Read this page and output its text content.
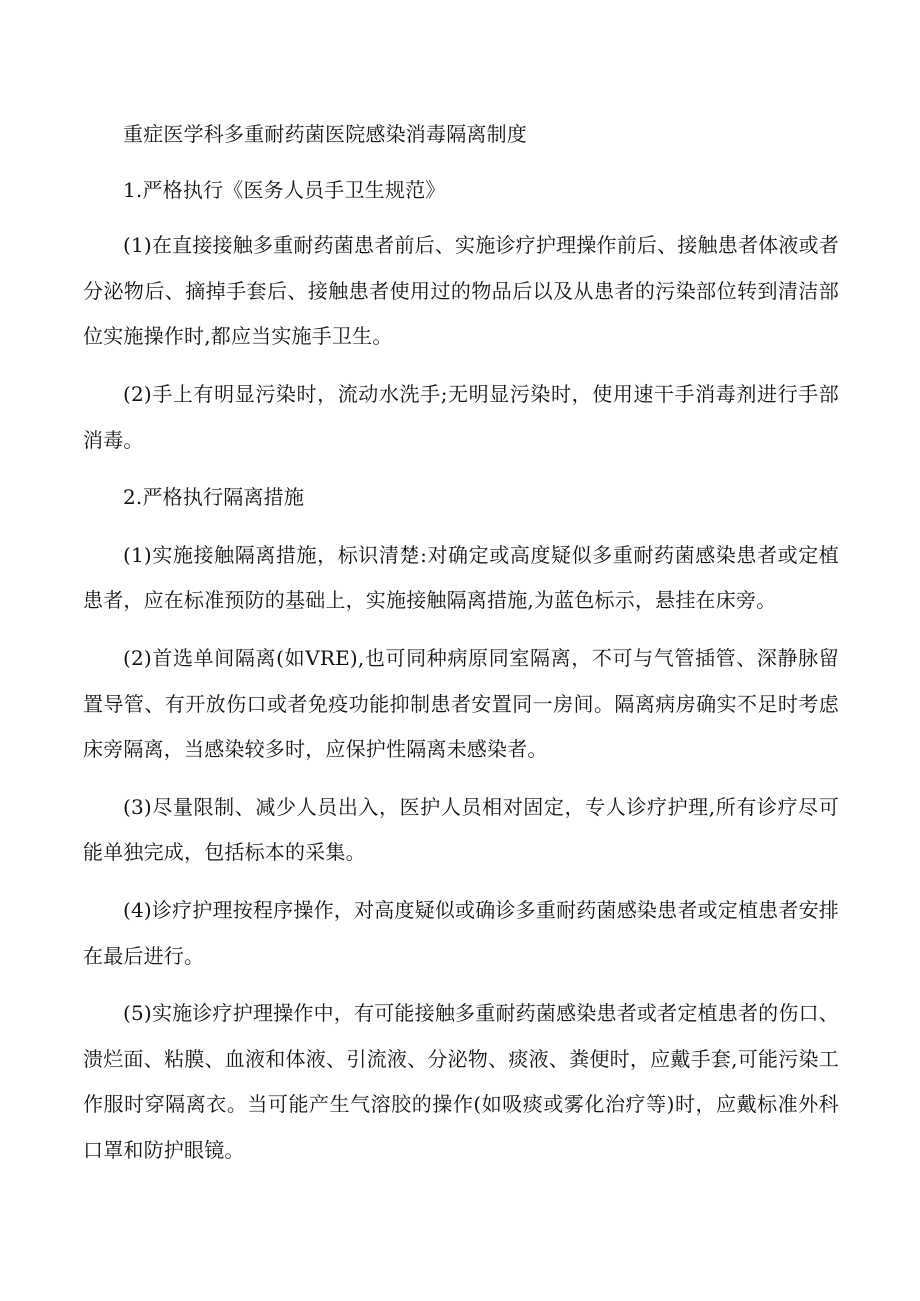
重症医学科多重耐药菌医院感染消毒隔离制度

1.严格执行《医务人员手卫生规范》

(1)在直接接触多重耐药菌患者前后、实施诊疗护理操作前后、接触患者体液或者分泌物后、摘掉手套后、接触患者使用过的物品后以及从患者的污染部位转到清洁部位实施操作时,都应当实施手卫生。

(2)手上有明显污染时，流动水洗手;无明显污染时，使用速干手消毒剂进行手部消毒。

2.严格执行隔离措施

(1)实施接触隔离措施，标识清楚:对确定或高度疑似多重耐药菌感染患者或定植患者，应在标准预防的基础上，实施接触隔离措施,为蓝色标示，悬挂在床旁。

(2)首选单间隔离(如VRE),也可同种病原同室隔离，不可与气管插管、深静脉留置导管、有开放伤口或者免疫功能抑制患者安置同一房间。隔离病房确实不足时考虑床旁隔离，当感染较多时，应保护性隔离未感染者。

(3)尽量限制、减少人员出入，医护人员相对固定，专人诊疗护理,所有诊疗尽可能单独完成，包括标本的采集。

(4)诊疗护理按程序操作，对高度疑似或确诊多重耐药菌感染患者或定植患者安排在最后进行。

(5)实施诊疗护理操作中，有可能接触多重耐药菌感染患者或者定植患者的伤口、溃烂面、粘膜、血液和体液、引流液、分泌物、痰液、粪便时，应戴手套,可能污染工作服时穿隔离衣。当可能产生气溶胶的操作(如吸痰或雾化治疗等)时，应戴标准外科口罩和防护眼镜。
